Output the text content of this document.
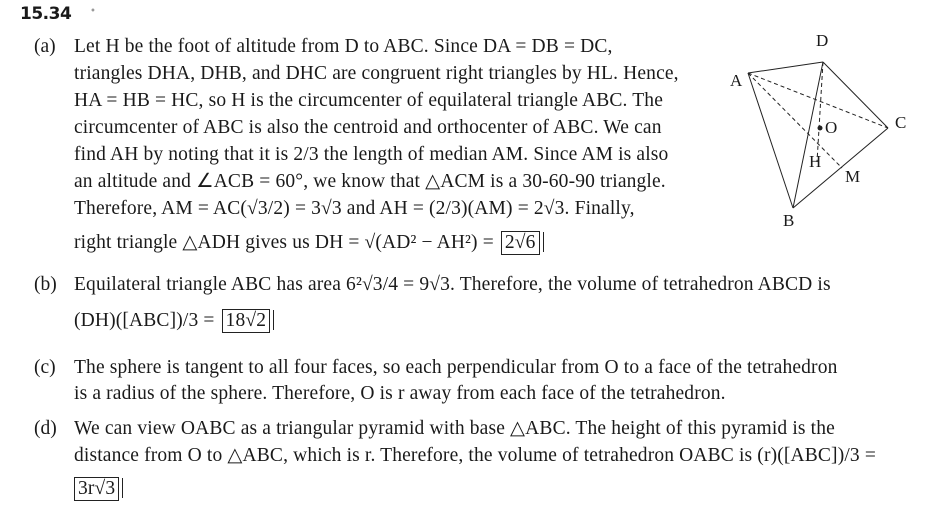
15.34 •
(a) Let H be the foot of altitude from D to ABC. Since DA = DB = DC,
triangles DHA, DHB, and DHC are congruent right triangles by HL. Hence,
HA = HB = HC, so H is the circumcenter of equilateral triangle ABC. The
circumcenter of ABC is also the centroid and orthocenter of ABC. We can
find AH by noting that it is 2/3 the length of median AM. Since AM is also
an altitude and ∠ACB = 60°, we know that △ACM is a 30-60-90 triangle.
Therefore, AM = AC(√3/2) = 3√3 and AH = (2/3)(AM) = 2√3. Finally,
right triangle △ADH gives us DH = √(AD² − AH²) = 2√6
D
A
C
O
H
M
B
(b) Equilateral triangle ABC has area 6²√3/4 = 9√3. Therefore, the volume of tetrahedron ABCD is
(DH)([ABC])/3 = 18√2
(c) The sphere is tangent to all four faces, so each perpendicular from O to a face of the tetrahedron
is a radius of the sphere. Therefore, O is r away from each face of the tetrahedron.
(d) We can view OABC as a triangular pyramid with base △ABC. The height of this pyramid is the
distance from O to △ABC, which is r. Therefore, the volume of tetrahedron OABC is (r)([ABC])/3 =
3r√3
